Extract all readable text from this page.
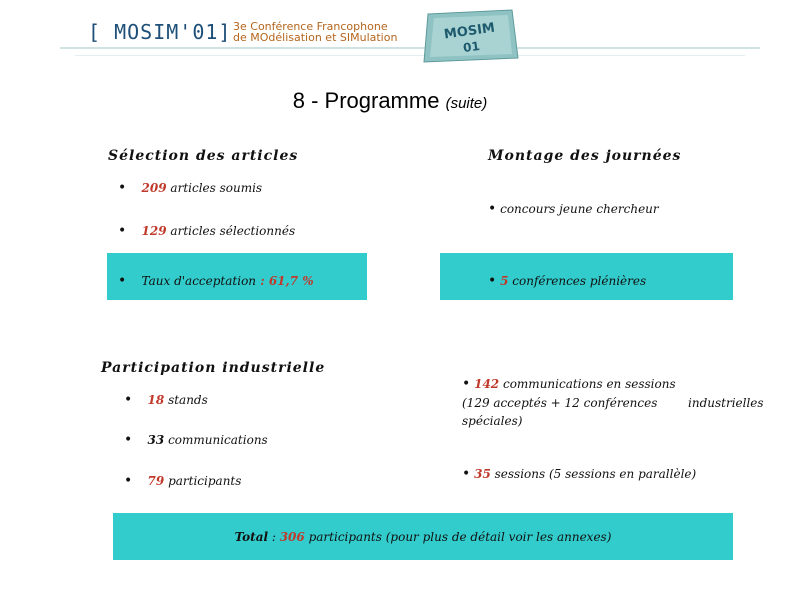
[ MOSIM'01] 3e Conférence Francophone
de MOdélisation et SIMulation	MOSIM
01
8 - Programme (suite)
Sélection des articles
• 209 articles soumis
• 129 articles sélectionnés
• Taux d'acceptation : 61,7 %
Montage des journées
• concours jeune chercheur
• 5 conférences plénières
Participation industrielle
• 18 stands
• 33 communications
• 79 participants
• 142 communications en sessions
(129 acceptés + 12 conférences	industrielles
spéciales)
• 35 sessions (5 sessions en parallèle)
Total : 306 participants (pour plus de détail voir les annexes)
